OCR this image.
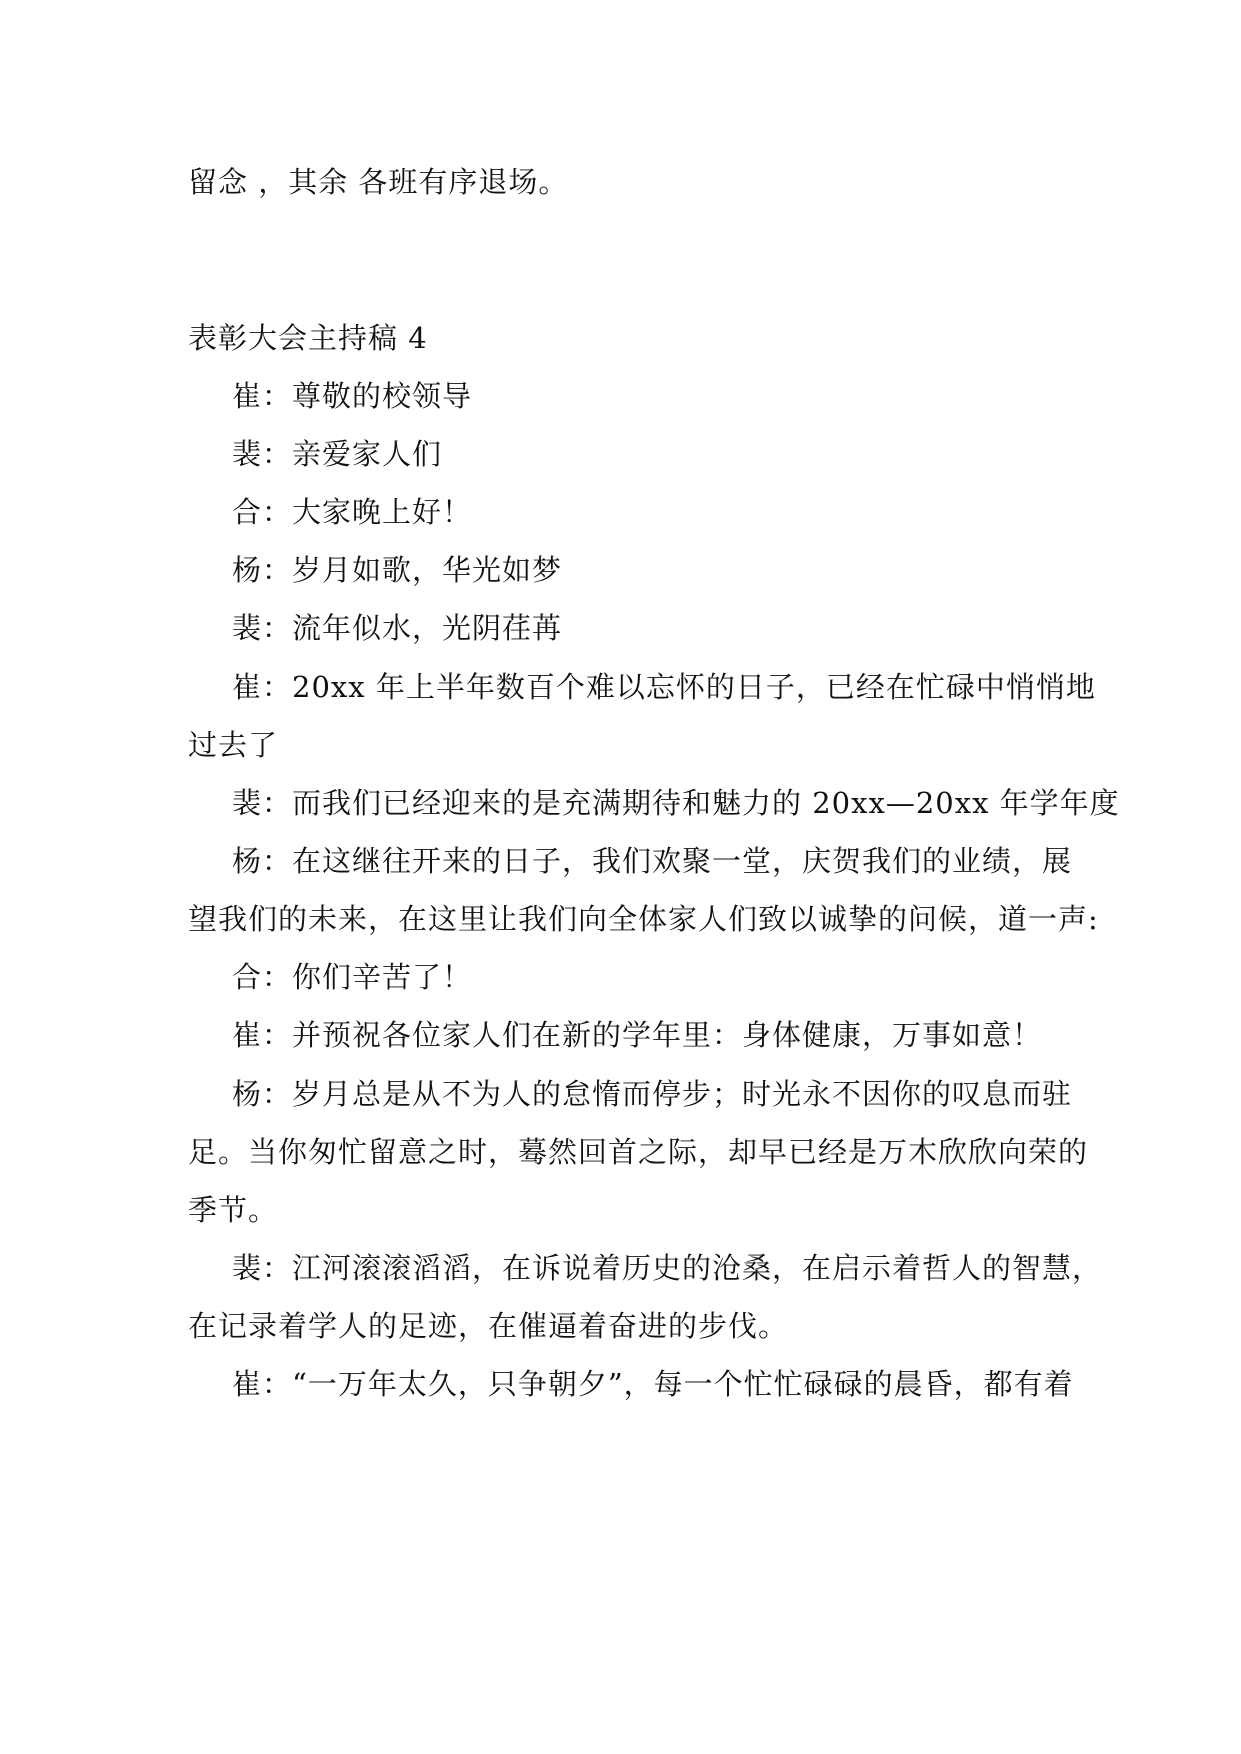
留念 ，其余 各班有序退场。
表彰大会主持稿 4
崔：尊敬的校领导
裴：亲爱家人们
合：大家晚上好！
杨：岁月如歌，华光如梦
裴：流年似水，光阴荏苒
崔：20xx 年上半年数百个难以忘怀的日子，已经在忙碌中悄悄地
过去了
裴：而我们已经迎来的是充满期待和魅力的 20xx—20xx 年学年度
杨：在这继往开来的日子，我们欢聚一堂，庆贺我们的业绩，展
望我们的未来，在这里让我们向全体家人们致以诚挚的问候，道一声:
合：你们辛苦了！
崔：并预祝各位家人们在新的学年里：身体健康，万事如意！
杨：岁月总是从不为人的怠惰而停步；时光永不因你的叹息而驻
足。当你匆忙留意之时，蓦然回首之际，却早已经是万木欣欣向荣的
季节。
裴：江河滚滚滔滔，在诉说着历史的沧桑，在启示着哲人的智慧，
在记录着学人的足迹，在催逼着奋进的步伐。
崔：“一万年太久，只争朝夕”，每一个忙忙碌碌的晨昏，都有着
